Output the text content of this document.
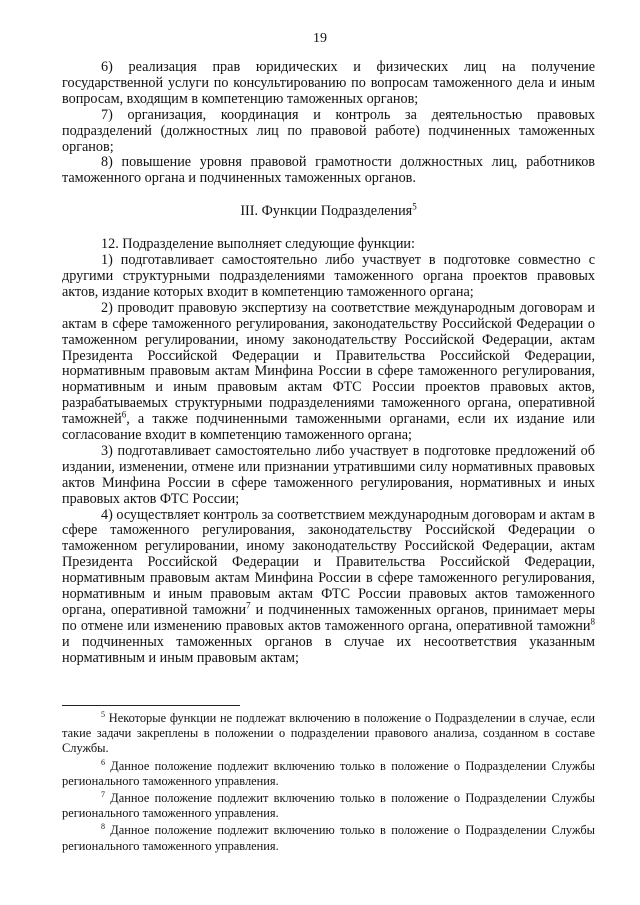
19

6) реализация прав юридических и физических лиц на получение государственной услуги по консультированию по вопросам таможенного дела и иным вопросам, входящим в компетенцию таможенных органов;

7) организация, координация и контроль за деятельностью правовых подразделений (должностных лиц по правовой работе) подчиненных таможенных органов;

8) повышение уровня правовой грамотности должностных лиц, работников таможенного органа и подчиненных таможенных органов.

III. Функции Подразделения$^5$

12. Подразделение выполняет следующие функции:

1) подготавливает самостоятельно либо участвует в подготовке совместно с другими структурными подразделениями таможенного органа проектов правовых актов, издание которых входит в компетенцию таможенного органа;

2) проводит правовую экспертизу на соответствие международным договорам и актам в сфере таможенного регулирования, законодательству Российской Федерации о таможенном регулировании, иному законодательству Российской Федерации, актам Президента Российской Федерации и Правительства Российской Федерации, нормативным правовым актам Минфина России в сфере таможенного регулирования, нормативным и иным правовым актам ФТС России проектов правовых актов, разрабатываемых структурными подразделениями таможенного органа, оперативной таможней$^6$, а также подчиненными таможенными органами, если их издание или согласование входит в компетенцию таможенного органа;

3) подготавливает самостоятельно либо участвует в подготовке предложений об издании, изменении, отмене или признании утратившими силу нормативных правовых актов Минфина России в сфере таможенного регулирования, нормативных и иных правовых актов ФТС России;

4) осуществляет контроль за соответствием международным договорам и актам в сфере таможенного регулирования, законодательству Российской Федерации о таможенном регулировании, иному законодательству Российской Федерации, актам Президента Российской Федерации и Правительства Российской Федерации, нормативным правовым актам Минфина России в сфере таможенного регулирования, нормативным и иным правовым актам ФТС России правовых актов таможенного органа, оперативной таможни$^7$ и подчиненных таможенных органов, принимает меры по отмене или изменению правовых актов таможенного органа, оперативной таможни$^8$ и подчиненных таможенных органов в случае их несоответствия указанным нормативным и иным правовым актам;

$^5$ Некоторые функции не подлежат включению в положение о Подразделении в случае, если такие задачи закреплены в положении о подразделении правового анализа, созданном в составе Службы.

$^6$ Данное положение подлежит включению только в положение о Подразделении Службы регионального таможенного управления.

$^7$ Данное положение подлежит включению только в положение о Подразделении Службы регионального таможенного управления.

$^8$ Данное положение подлежит включению только в положение о Подразделении Службы регионального таможенного управления.
